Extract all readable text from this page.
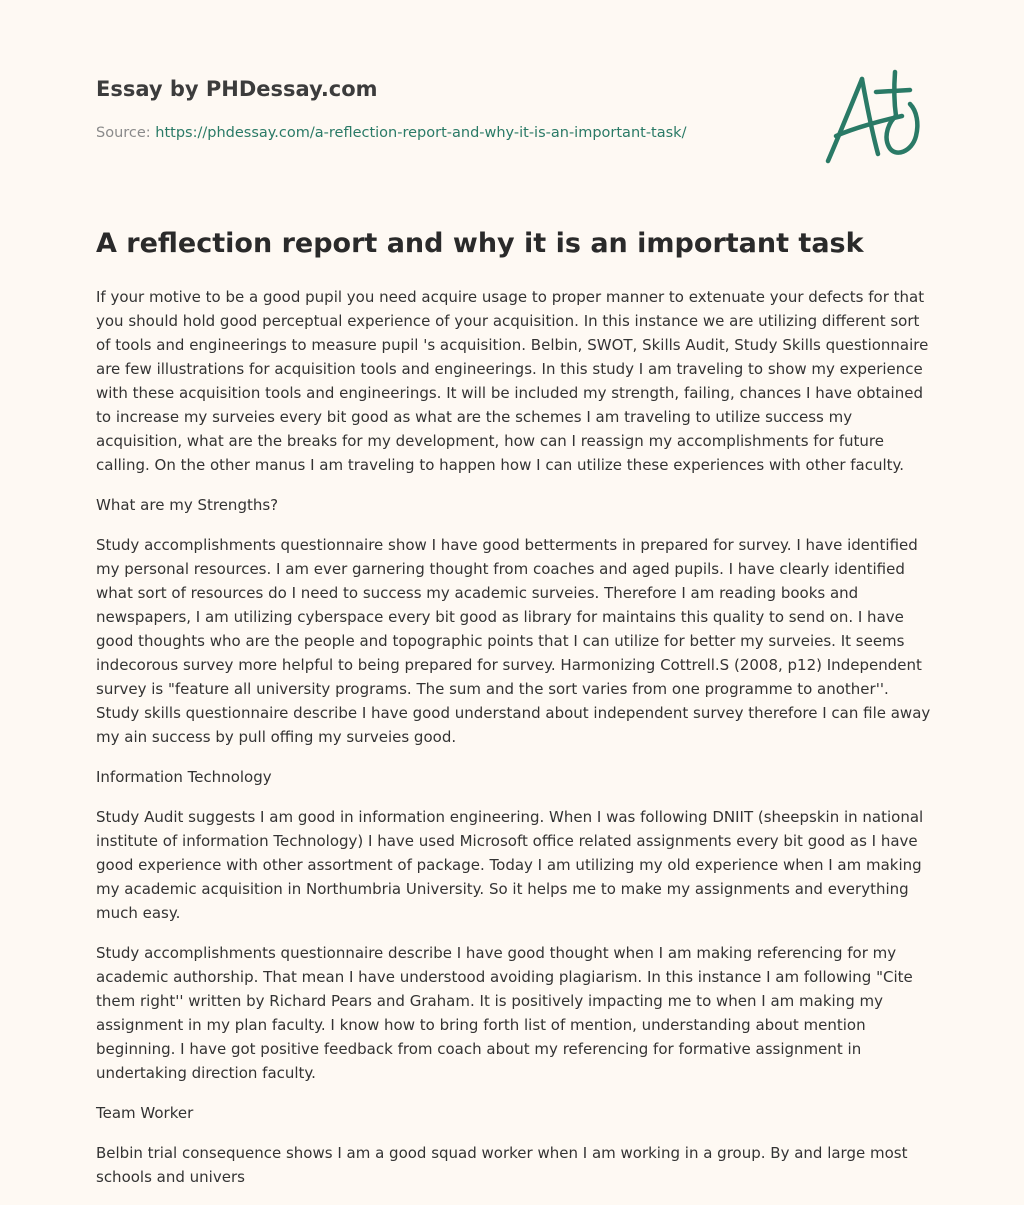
Essay by PHDessay.com
Source: https://phdessay.com/a-reflection-report-and-why-it-is-an-important-task/
A reflection report and why it is an important task

If your motive to be a good pupil you need acquire usage to proper manner to extenuate your defects for that you should hold good perceptual experience of your acquisition. In this instance we are utilizing different sort of tools and engineerings to measure pupil 's acquisition. Belbin, SWOT, Skills Audit, Study Skills questionnaire are few illustrations for acquisition tools and engineerings. In this study I am traveling to show my experience with these acquisition tools and engineerings. It will be included my strength, failing, chances I have obtained to increase my surveies every bit good as what are the schemes I am traveling to utilize success my acquisition, what are the breaks for my development, how can I reassign my accomplishments for future calling. On the other manus I am traveling to happen how I can utilize these experiences with other faculty.

What are my Strengths?

Study accomplishments questionnaire show I have good betterments in prepared for survey. I have identified my personal resources. I am ever garnering thought from coaches and aged pupils. I have clearly identified what sort of resources do I need to success my academic surveies. Therefore I am reading books and newspapers, I am utilizing cyberspace every bit good as library for maintains this quality to send on. I have good thoughts who are the people and topographic points that I can utilize for better my surveies. It seems indecorous survey more helpful to being prepared for survey. Harmonizing Cottrell.S (2008, p12) Independent survey is "feature all university programs. The sum and the sort varies from one programme to another''. Study skills questionnaire describe I have good understand about independent survey therefore I can file away my ain success by pull offing my surveies good.

Information Technology

Study Audit suggests I am good in information engineering. When I was following DNIIT (sheepskin in national institute of information Technology) I have used Microsoft office related assignments every bit good as I have good experience with other assortment of package. Today I am utilizing my old experience when I am making my academic acquisition in Northumbria University. So it helps me to make my assignments and everything much easy.

Study accomplishments questionnaire describe I have good thought when I am making referencing for my academic authorship. That mean I have understood avoiding plagiarism. In this instance I am following "Cite them right'' written by Richard Pears and Graham. It is positively impacting me to when I am making my assignment in my plan faculty. I know how to bring forth list of mention, understanding about mention beginning. I have got positive feedback from coach about my referencing for formative assignment in undertaking direction faculty.

Team Worker

Belbin trial consequence shows I am a good squad worker when I am working in a group. By and large most schools and univers
